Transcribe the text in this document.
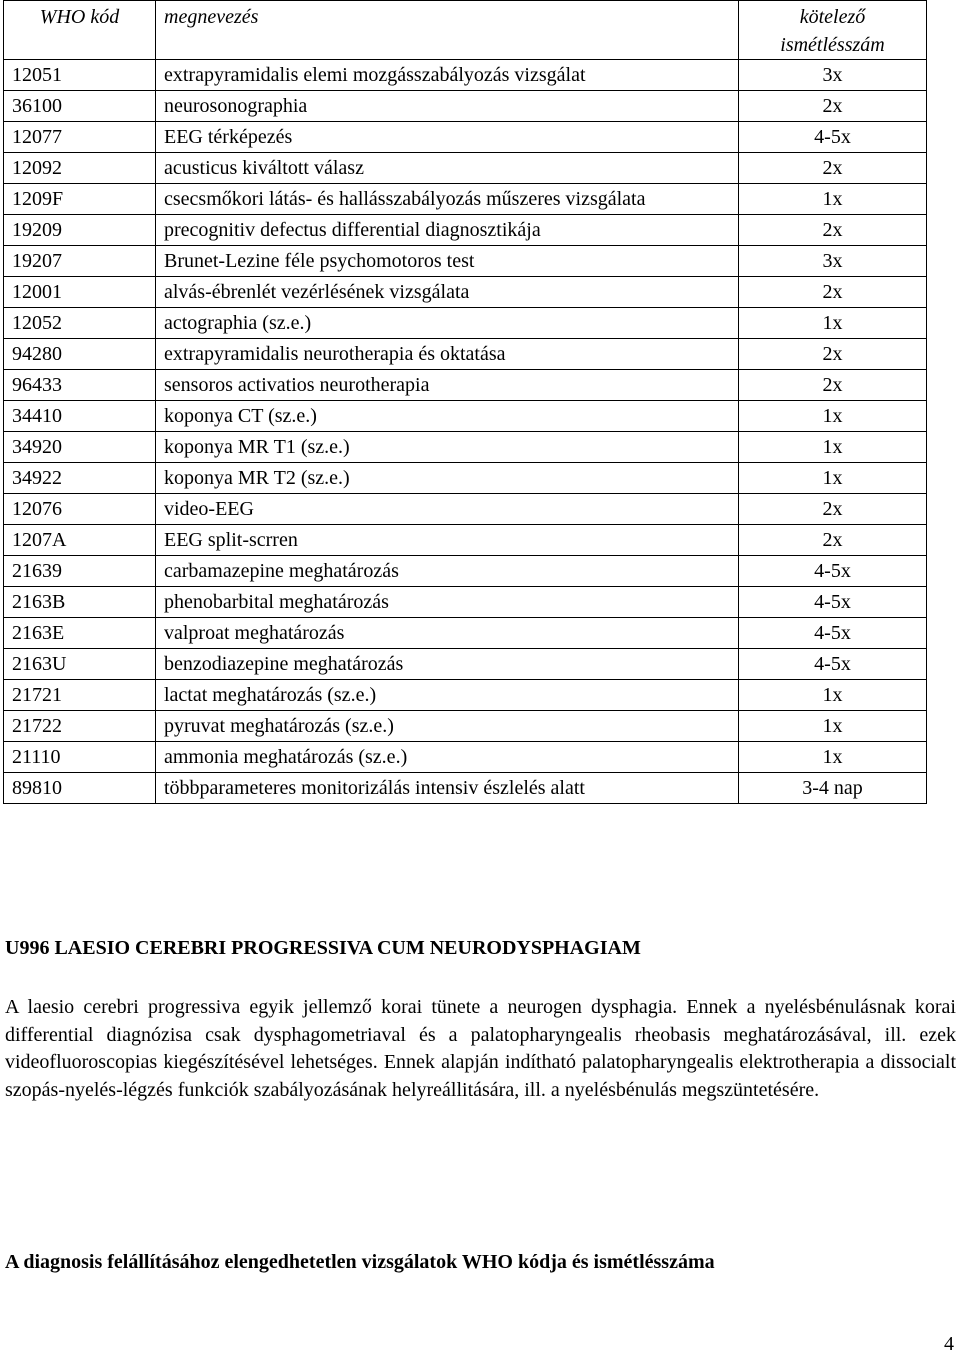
WHO kód	megnevezés	kötelező ismétlésszám
12051	extrapyramidalis elemi mozgásszabályozás vizsgálat	3x
36100	neurosonographia	2x
12077	EEG térképezés	4-5x
12092	acusticus kiváltott válasz	2x
1209F	csecsmőkori látás- és hallásszabályozás műszeres vizsgálata	1x
19209	precognitiv defectus differential diagnosztikája	2x
19207	Brunet-Lezine féle psychomotoros test	3x
12001	alvás-ébrenlét vezérlésének vizsgálata	2x
12052	actographia (sz.e.)	1x
94280	extrapyramidalis neurotherapia és oktatása	2x
96433	sensoros activatios neurotherapia	2x
34410	koponya CT (sz.e.)	1x
34920	koponya MR T1 (sz.e.)	1x
34922	koponya MR T2 (sz.e.)	1x
12076	video-EEG	2x
1207A	EEG split-scrren	2x
21639	carbamazepine meghatározás	4-5x
2163B	phenobarbital meghatározás	4-5x
2163E	valproat meghatározás	4-5x
2163U	benzodiazepine meghatározás	4-5x
21721	lactat meghatározás (sz.e.)	1x
21722	pyruvat meghatározás (sz.e.)	1x
21110	ammonia meghatározás (sz.e.)	1x
89810	többparameteres monitorizálás intensiv észlelés alatt	3-4 nap
U996 LAESIO CEREBRI PROGRESSIVA CUM NEURODYSPHAGIAM
A laesio cerebri progressiva egyik jellemző korai tünete a neurogen dysphagia. Ennek a nyelésbénulásnak korai differential diagnózisa csak dysphagometriaval és a palatopharyngealis rheobasis meghatározásával, ill. ezek videofluoroscopias kiegészítésével lehetséges. Ennek alapján indítható palatopharyngealis elektrotherapia a dissocialt szopás-nyelés-légzés funkciók szabályozásának helyreállitására, ill. a nyelésbénulás megszüntetésére.
A diagnosis felállításához elengedhetetlen vizsgálatok WHO kódja és ismétlésszáma
4
